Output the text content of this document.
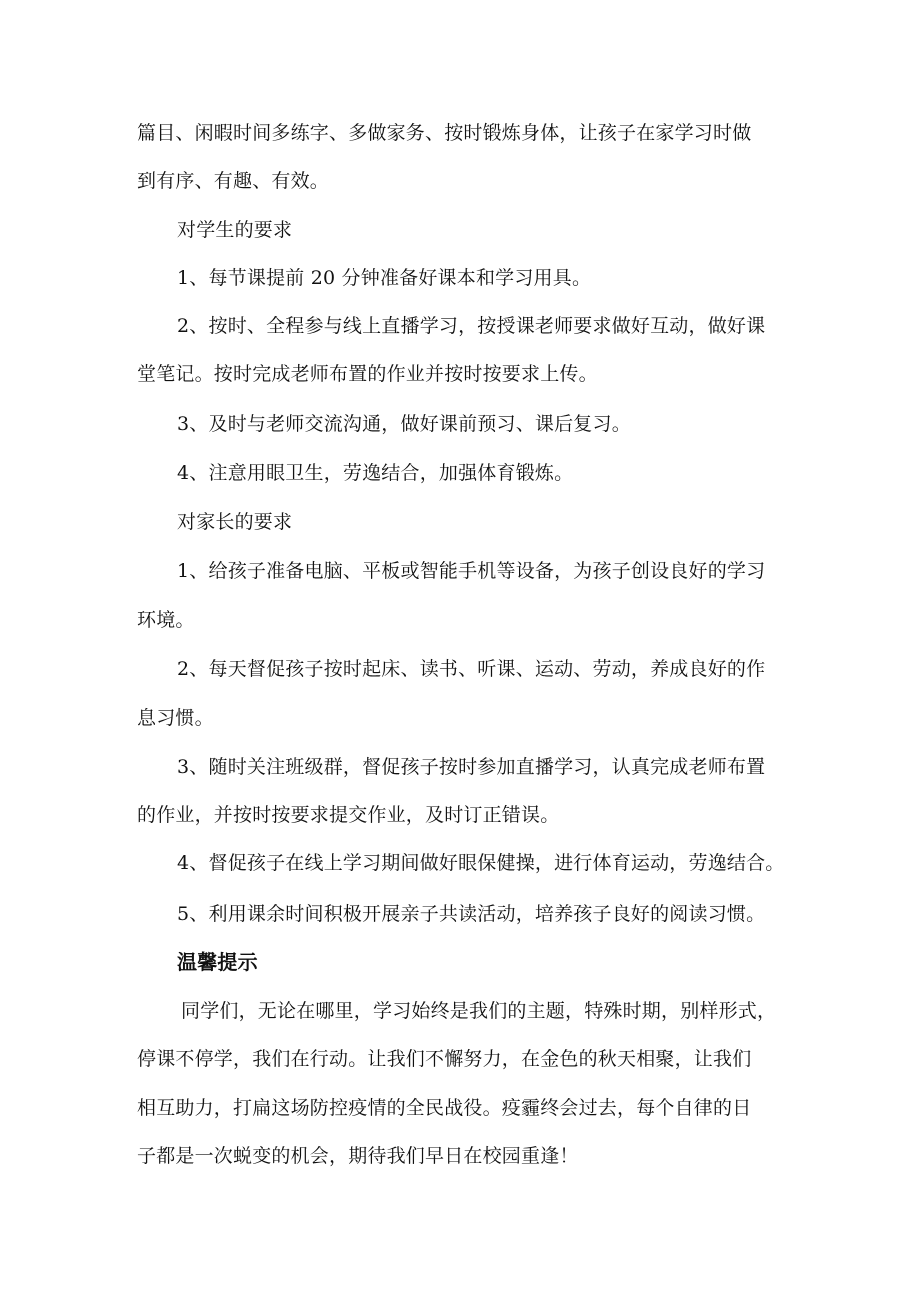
篇目、闲暇时间多练字、多做家务、按时锻炼身体，让孩子在家学习时做
到有序、有趣、有效。
对学生的要求
1、每节课提前 20 分钟准备好课本和学习用具。
2、按时、全程参与线上直播学习，按授课老师要求做好互动，做好课
堂笔记。按时完成老师布置的作业并按时按要求上传。
3、及时与老师交流沟通，做好课前预习、课后复习。
4、注意用眼卫生，劳逸结合，加强体育锻炼。
对家长的要求
1、给孩子准备电脑、平板或智能手机等设备，为孩子创设良好的学习
环境。
2、每天督促孩子按时起床、读书、听课、运动、劳动，养成良好的作
息习惯。
3、随时关注班级群，督促孩子按时参加直播学习，认真完成老师布置
的作业，并按时按要求提交作业，及时订正错误。
4、督促孩子在线上学习期间做好眼保健操，进行体育运动，劳逸结合。
5、利用课余时间积极开展亲子共读活动，培养孩子良好的阅读习惯。
温馨提示
同学们，无论在哪里，学习始终是我们的主题，特殊时期，别样形式，
停课不停学，我们在行动。让我们不懈努力，在金色的秋天相聚，让我们
相互助力，打扁这场防控疫情的全民战役。疫霾终会过去，每个自律的日
子都是一次蜕变的机会，期待我们早日在校园重逢！
